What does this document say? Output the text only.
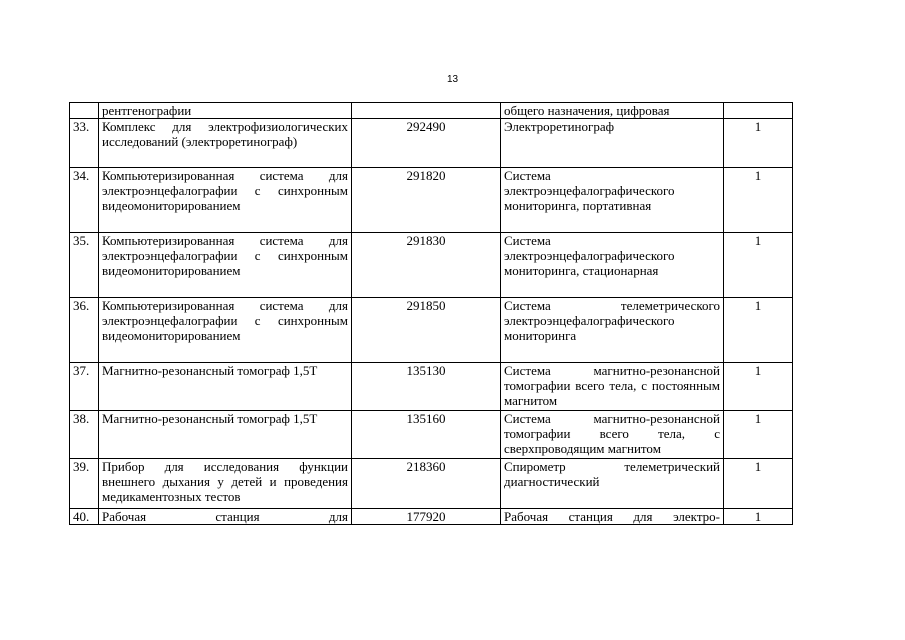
13
	рентгенографии		общего назначения, цифровая	
33.	Комплекс для электрофизиологических исследований (электроретинограф)	292490	Электроретинограф	1
34.	Компьютеризированная система для электроэнцефалографии с синхронным видеомониторированием	291820	Система электроэнцефалографического мониторинга, портативная	1
35.	Компьютеризированная система для электроэнцефалографии с синхронным видеомониторированием	291830	Система электроэнцефалографического мониторинга, стационарная	1
36.	Компьютеризированная система для электроэнцефалографии с синхронным видеомониторированием	291850	Система телеметрического электроэнцефалографического мониторинга	1
37.	Магнитно-резонансный томограф 1,5Т	135130	Система магнитно-резонансной томографии всего тела, с постоянным магнитом	1
38.	Магнитно-резонансный томограф 1,5Т	135160	Система магнитно-резонансной томографии всего тела, с сверхпроводящим магнитом	1
39.	Прибор для исследования функции внешнего дыхания у детей и проведения медикаментозных тестов	218360	Спирометр телеметрический диагностический	1
40.	Рабочая станция для	177920	Рабочая станция для электро-	1
